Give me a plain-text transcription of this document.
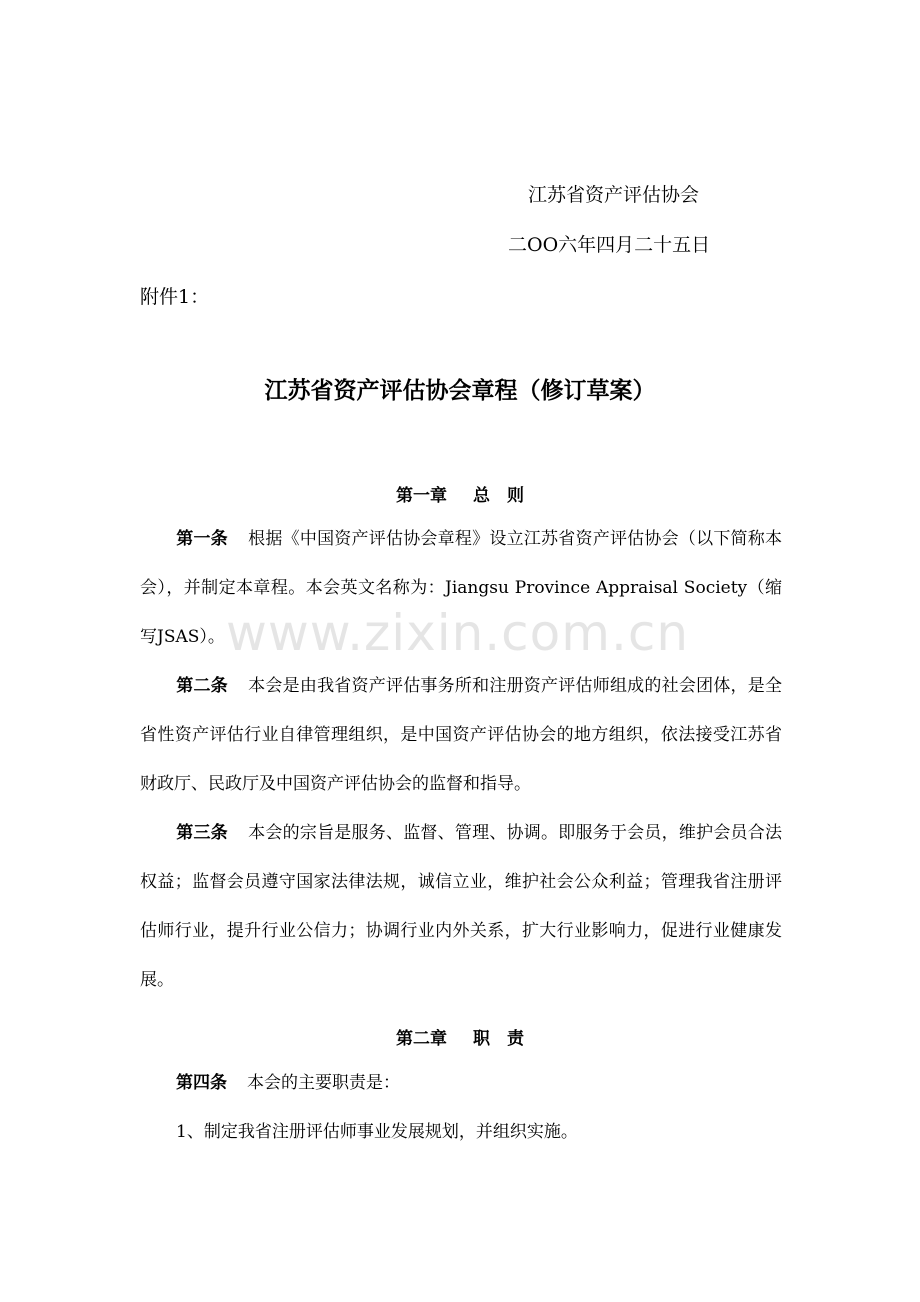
江苏省资产评估协会
二OO六年四月二十五日
附件1：
江苏省资产评估协会章程（修订草案）
第一章 总　则
第一条 根据《中国资产评估协会章程》设立江苏省资产评估协会（以下简称本会），并制定本章程。本会英文名称为：Jiangsu Province Appraisal Society（缩写JSAS）。
第二条 本会是由我省资产评估事务所和注册资产评估师组成的社会团体，是全省性资产评估行业自律管理组织，是中国资产评估协会的地方组织，依法接受江苏省财政厅、民政厅及中国资产评估协会的监督和指导。
第三条 本会的宗旨是服务、监督、管理、协调。即服务于会员，维护会员合法权益；监督会员遵守国家法律法规，诚信立业，维护社会公众利益；管理我省注册评估师行业，提升行业公信力；协调行业内外关系，扩大行业影响力，促进行业健康发展。
第二章 职　责
第四条 本会的主要职责是：
1、制定我省注册评估师事业发展规划，并组织实施。
www.zixin.com.cn
